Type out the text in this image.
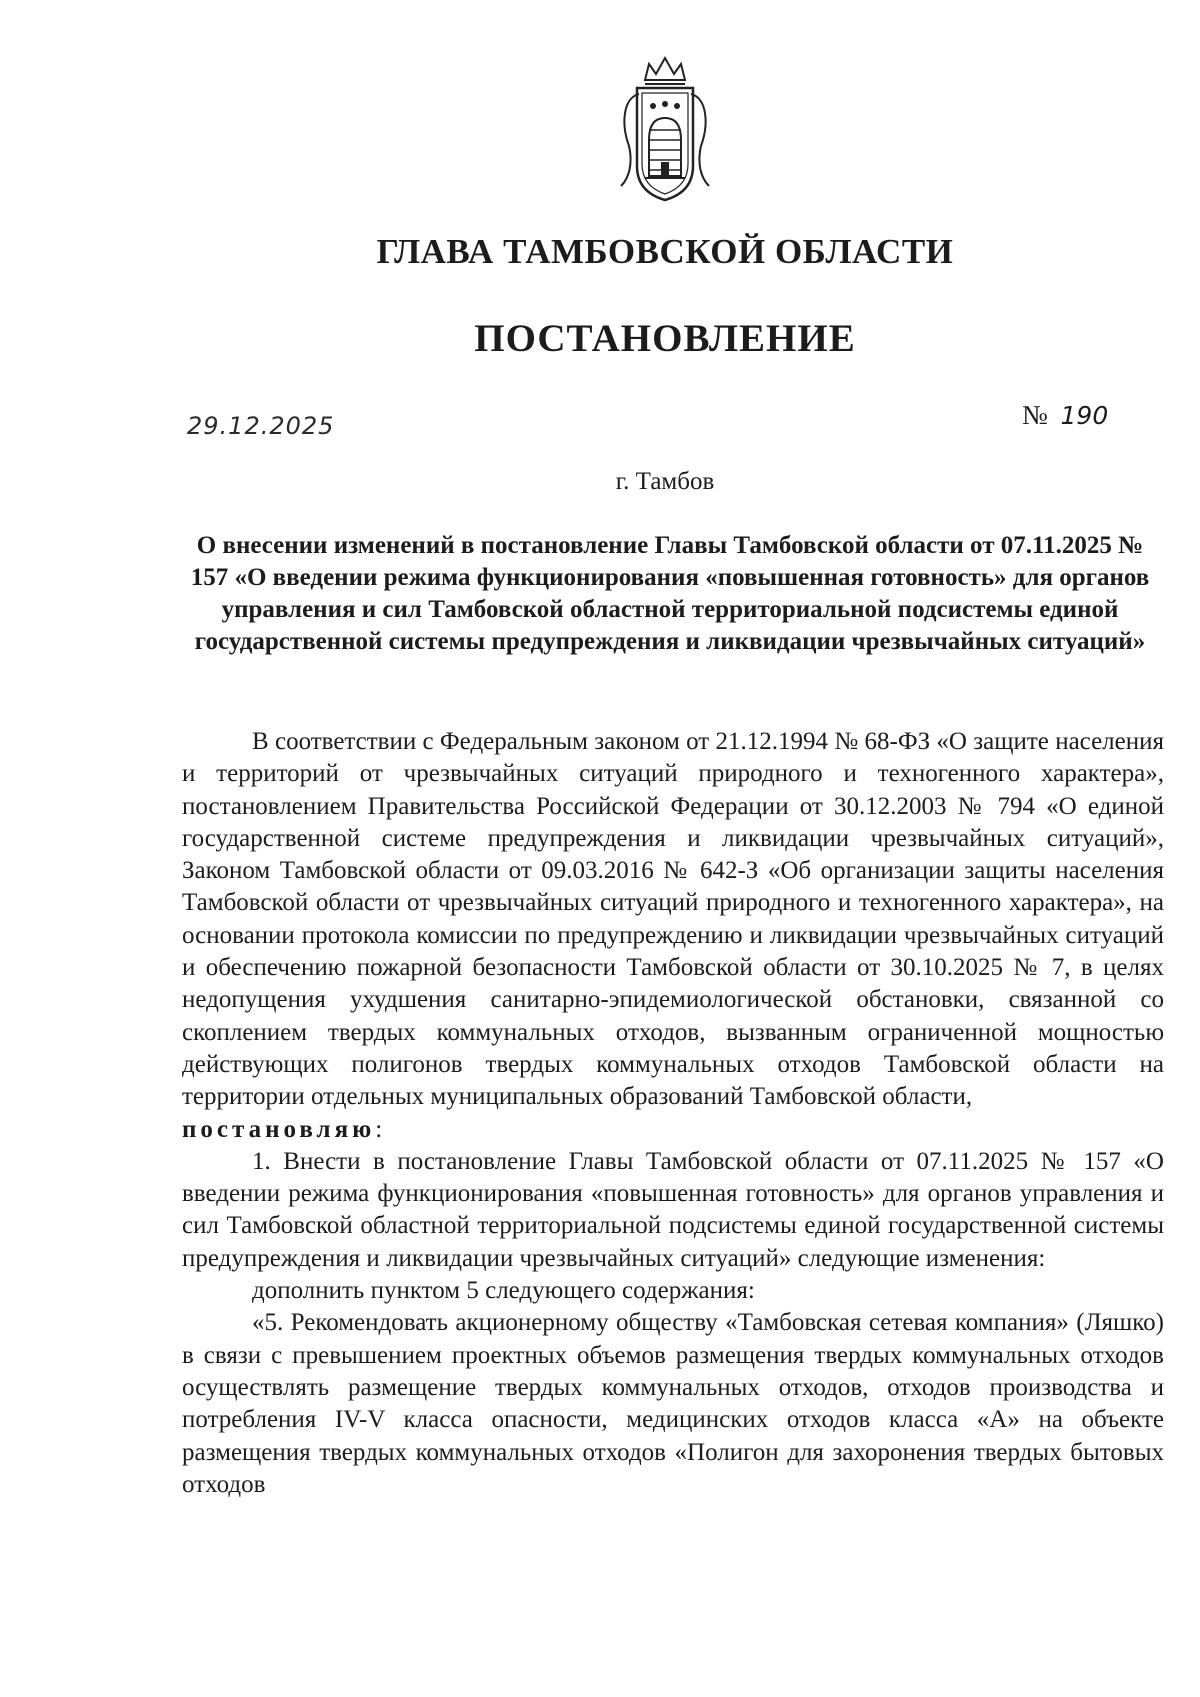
ГЛАВА ТАМБОВСКОЙ ОБЛАСТИ
ПОСТАНОВЛЕНИЕ
29.12.2025	№ 190

г. Тамбов

О внесении изменений в постановление Главы Тамбовской области от 07.11.2025 № 157 «О введении режима функционирования «повышенная готовность» для органов управления и сил Тамбовской областной территориальной подсистемы единой государственной системы предупреждения и ликвидации чрезвычайных ситуаций»

В соответствии с Федеральным законом от 21.12.1994 № 68-ФЗ «О защите населения и территорий от чрезвычайных ситуаций природного и техногенного характера», постановлением Правительства Российской Федерации от 30.12.2003 № 794 «О единой государственной системе предупреждения и ликвидации чрезвычайных ситуаций», Законом Тамбовской области от 09.03.2016 № 642-З «Об организации защиты населения Тамбовской области от чрезвычайных ситуаций природного и техногенного характера», на основании протокола комиссии по предупреждению и ликвидации чрезвычайных ситуаций и обеспечению пожарной безопасности Тамбовской области от 30.10.2025 № 7, в целях недопущения ухудшения санитарно-эпидемиологической обстановки, связанной со скоплением твердых коммунальных отходов, вызванным ограниченной мощностью действующих полигонов твердых коммунальных отходов Тамбовской области на территории отдельных муниципальных образований Тамбовской области,

постановляю:

1. Внести в постановление Главы Тамбовской области от 07.11.2025 № 157 «О введении режима функционирования «повышенная готовность» для органов управления и сил Тамбовской областной территориальной подсистемы единой государственной системы предупреждения и ликвидации чрезвычайных ситуаций» следующие изменения:

дополнить пунктом 5 следующего содержания:

«5. Рекомендовать акционерному обществу «Тамбовская сетевая компания» (Ляшко) в связи с превышением проектных объемов размещения твердых коммунальных отходов осуществлять размещение твердых коммунальных отходов, отходов производства и потребления IV-V класса опасности, медицинских отходов класса «А» на объекте размещения твердых коммунальных отходов «Полигон для захоронения твердых бытовых отходов
